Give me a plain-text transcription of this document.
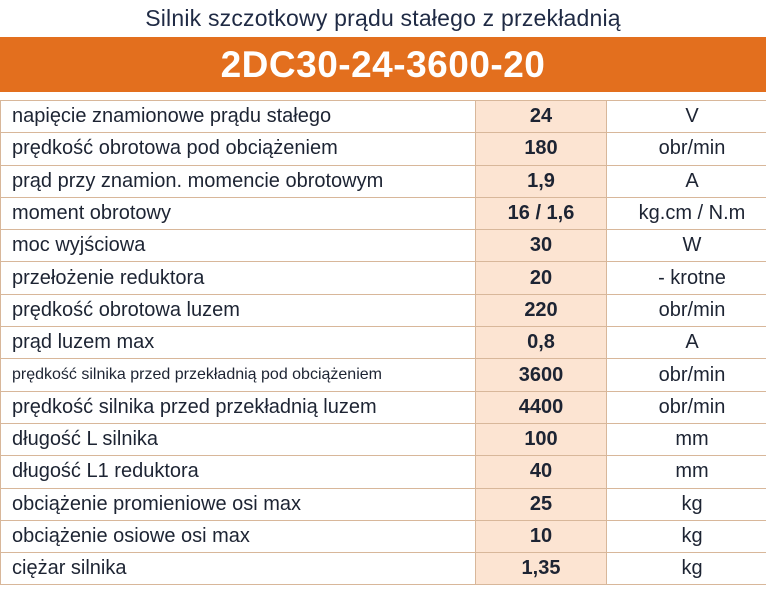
Silnik szczotkowy prądu stałego z przekładnią
2DC30-24-3600-20
napięcie znamionowe prądu stałego	24	V
prędkość obrotowa pod obciążeniem	180	obr/min
prąd przy znamion. momencie obrotowym	1,9	A
moment obrotowy	16 / 1,6	kg.cm / N.m
moc wyjściowa	30	W
przełożenie reduktora	20	- krotne
prędkość obrotowa luzem	220	obr/min
prąd luzem max	0,8	A
prędkość silnika przed przekładnią pod obciążeniem	3600	obr/min
prędkość silnika przed przekładnią luzem	4400	obr/min
długość L silnika	100	mm
długość L1 reduktora	40	mm
obciążenie promieniowe osi max	25	kg
obciążenie osiowe osi max	10	kg
ciężar silnika	1,35	kg
